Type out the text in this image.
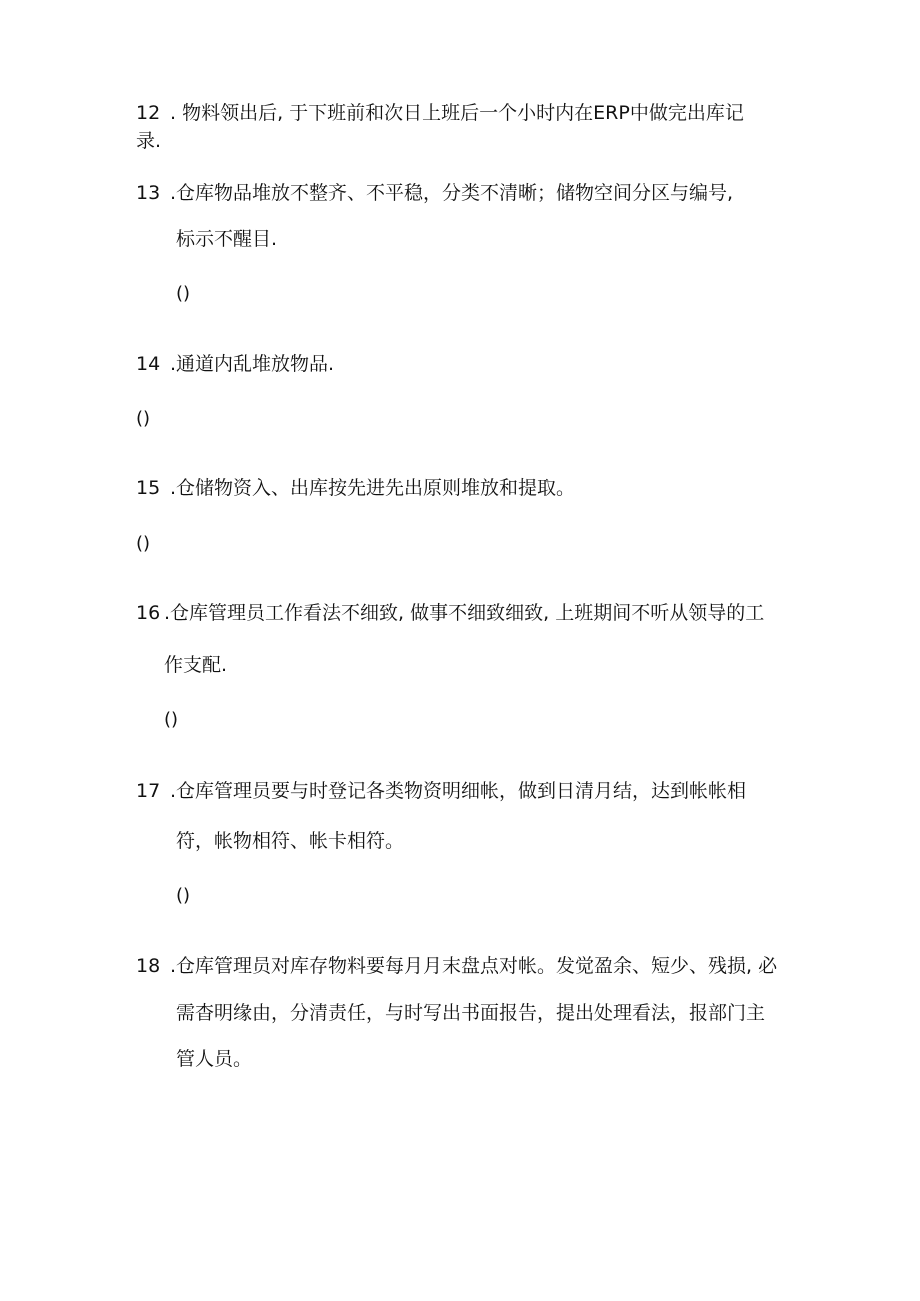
12 . 物料领出后, 于下班前和次日上班后一个小时内在ERP中做完出库记
录.
13 .仓库物品堆放不整齐、不平稳，分类不清晰；储物空间分区与编号,
标示不醒目.
()
14 .通道内乱堆放物品.
()
15 .仓储物资入、出库按先进先出原则堆放和提取。
()
16 .仓库管理员工作看法不细致, 做事不细致细致, 上班期间不听从领导的工
作支配.
()
17 .仓库管理员要与时登记各类物资明细帐，做到日清月结，达到帐帐相
符，帐物相符、帐卡相符。
()
18 .仓库管理员对库存物料要每月月末盘点对帐。发觉盈余、短少、残损, 必
需杳明缘由，分清责任，与时写出书面报告，提出处理看法，报部门主
管人员。
